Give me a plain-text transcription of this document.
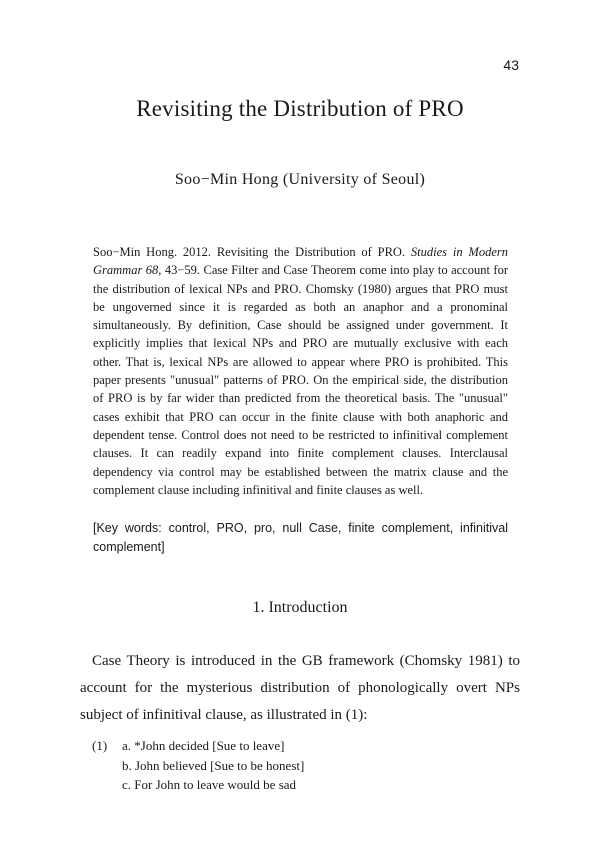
43
Revisiting the Distribution of PRO
Soo−Min Hong (University of Seoul)
Soo−Min Hong. 2012. Revisiting the Distribution of PRO. Studies in Modern Grammar 68, 43−59. Case Filter and Case Theorem come into play to account for the distribution of lexical NPs and PRO. Chomsky (1980) argues that PRO must be ungoverned since it is regarded as both an anaphor and a pronominal simultaneously. By definition, Case should be assigned under government. It explicitly implies that lexical NPs and PRO are mutually exclusive with each other. That is, lexical NPs are allowed to appear where PRO is prohibited. This paper presents "unusual" patterns of PRO. On the empirical side, the distribution of PRO is by far wider than predicted from the theoretical basis. The "unusual" cases exhibit that PRO can occur in the finite clause with both anaphoric and dependent tense. Control does not need to be restricted to infinitival complement clauses. It can readily expand into finite complement clauses. Interclausal dependency via control may be established between the matrix clause and the complement clause including infinitival and finite clauses as well.
[Key words: control, PRO, pro, null Case, finite complement, infinitival complement]
1. Introduction
Case Theory is introduced in the GB framework (Chomsky 1981) to account for the mysterious distribution of phonologically overt NPs subject of infinitival clause, as illustrated in (1):
(1) a. *John decided [Sue to leave]
b. John believed [Sue to be honest]
c. For John to leave would be sad
